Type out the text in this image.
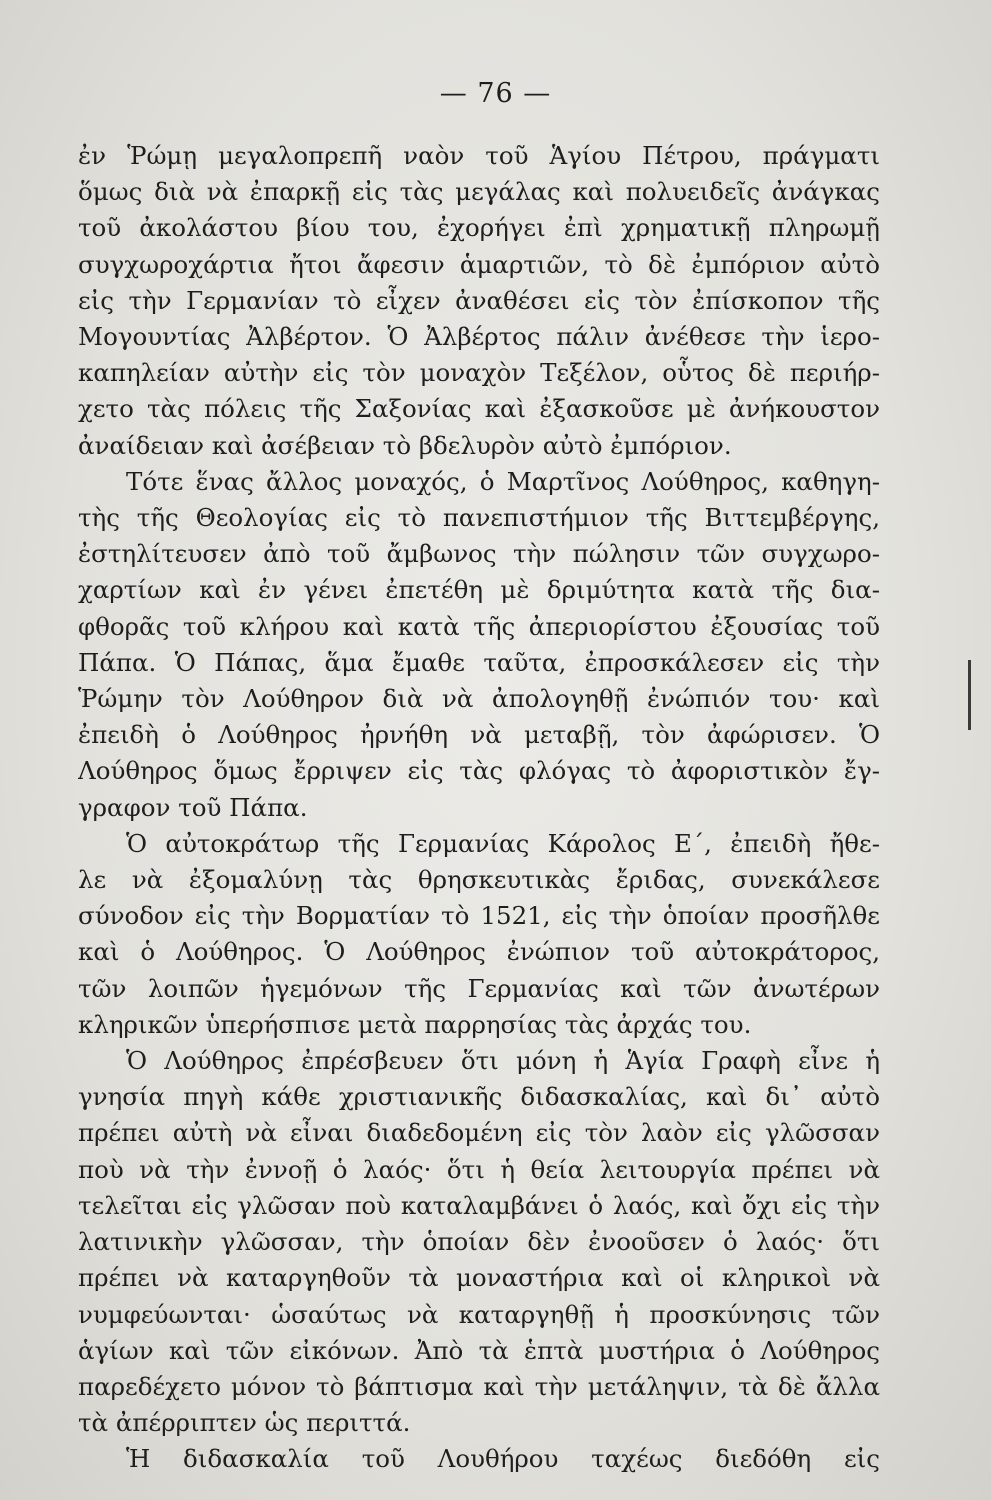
— 76 —

ἐν Ῥώμῃ μεγαλοπρεπῆ ναὸν τοῦ Ἁγίου Πέτρου, πράγματι
ὅμως διὰ νὰ ἐπαρκῇ εἰς τὰς μεγάλας καὶ πολυειδεῖς ἀνάγκας
τοῦ ἀκολάστου βίου του, ἐχορήγει ἐπὶ χρηματικῇ πληρωμῇ
συγχωροχάρτια ἤτοι ἄφεσιν ἁμαρτιῶν, τὸ δὲ ἐμπόριον αὐτὸ
εἰς τὴν Γερμανίαν τὸ εἶχεν ἀναθέσει εἰς τὸν ἐπίσκοπον τῆς
Μογουντίας Ἀλβέρτον. Ὁ Ἀλβέρτος πάλιν ἀνέθεσε τὴν ἱερο-
καπηλείαν αὐτὴν εἰς τὸν μοναχὸν Τεξέλον, οὗτος δὲ περιήρ-
χετο τὰς πόλεις τῆς Σαξονίας καὶ ἐξασκοῦσε μὲ ἀνήκουστον
ἀναίδειαν καὶ ἀσέβειαν τὸ βδελυρὸν αὐτὸ ἐμπόριον.
Τότε ἕνας ἄλλος μοναχός, ὁ Μαρτῖνος Λούθηρος, καθηγη-
τὴς τῆς Θεολογίας εἰς τὸ πανεπιστήμιον τῆς Βιττεμβέργης,
ἐστηλίτευσεν ἀπὸ τοῦ ἄμβωνος τὴν πώλησιν τῶν συγχωρο-
χαρτίων καὶ ἐν γένει ἐπετέθη μὲ δριμύτητα κατὰ τῆς δια-
φθορᾶς τοῦ κλήρου καὶ κατὰ τῆς ἀπεριορίστου ἐξουσίας τοῦ
Πάπα. Ὁ Πάπας, ἅμα ἔμαθε ταῦτα, ἐπροσκάλεσεν εἰς τὴν
Ῥώμην τὸν Λούθηρον διὰ νὰ ἀπολογηθῇ ἐνώπιόν του· καὶ
ἐπειδὴ ὁ Λούθηρος ἠρνήθη νὰ μεταβῇ, τὸν ἀφώρισεν. Ὁ
Λούθηρος ὅμως ἔρριψεν εἰς τὰς φλόγας τὸ ἀφοριστικὸν ἔγ-
γραφον τοῦ Πάπα.
Ὁ αὐτοκράτωρ τῆς Γερμανίας Κάρολος Ε΄, ἐπειδὴ ἤθε-
λε νὰ ἐξομαλύνῃ τὰς θρησκευτικὰς ἔριδας, συνεκάλεσε
σύνοδον εἰς τὴν Βορματίαν τὸ 1521, εἰς τὴν ὁποίαν προσῆλθε
καὶ ὁ Λούθηρος. Ὁ Λούθηρος ἐνώπιον τοῦ αὐτοκράτορος,
τῶν λοιπῶν ἡγεμόνων τῆς Γερμανίας καὶ τῶν ἀνωτέρων
κληρικῶν ὑπερήσπισε μετὰ παρρησίας τὰς ἀρχάς του.
Ὁ Λούθηρος ἐπρέσβευεν ὅτι μόνη ἡ Ἁγία Γραφὴ εἶνε ἡ
γνησία πηγὴ κάθε χριστιανικῆς διδασκαλίας, καὶ δι᾽ αὐτὸ
πρέπει αὐτὴ νὰ εἶναι διαδεδομένη εἰς τὸν λαὸν εἰς γλῶσσαν
ποὺ νὰ τὴν ἐννοῇ ὁ λαός· ὅτι ἡ θεία λειτουργία πρέπει νὰ
τελεῖται εἰς γλῶσαν ποὺ καταλαμβάνει ὁ λαός, καὶ ὄχι εἰς τὴν
λατινικὴν γλῶσσαν, τὴν ὁποίαν δὲν ἐνοοῦσεν ὁ λαός· ὅτι
πρέπει νὰ καταργηθοῦν τὰ μοναστήρια καὶ οἱ κληρικοὶ νὰ
νυμφεύωνται· ὡσαύτως νὰ καταργηθῇ ἡ προσκύνησις τῶν
ἁγίων καὶ τῶν εἰκόνων. Ἀπὸ τὰ ἑπτὰ μυστήρια ὁ Λούθηρος
παρεδέχετο μόνον τὸ βάπτισμα καὶ τὴν μετάληψιν, τὰ δὲ ἄλλα
τὰ ἀπέρριπτεν ὡς περιττά.
Ἡ διδασκαλία τοῦ Λουθήρου ταχέως διεδόθη εἰς
